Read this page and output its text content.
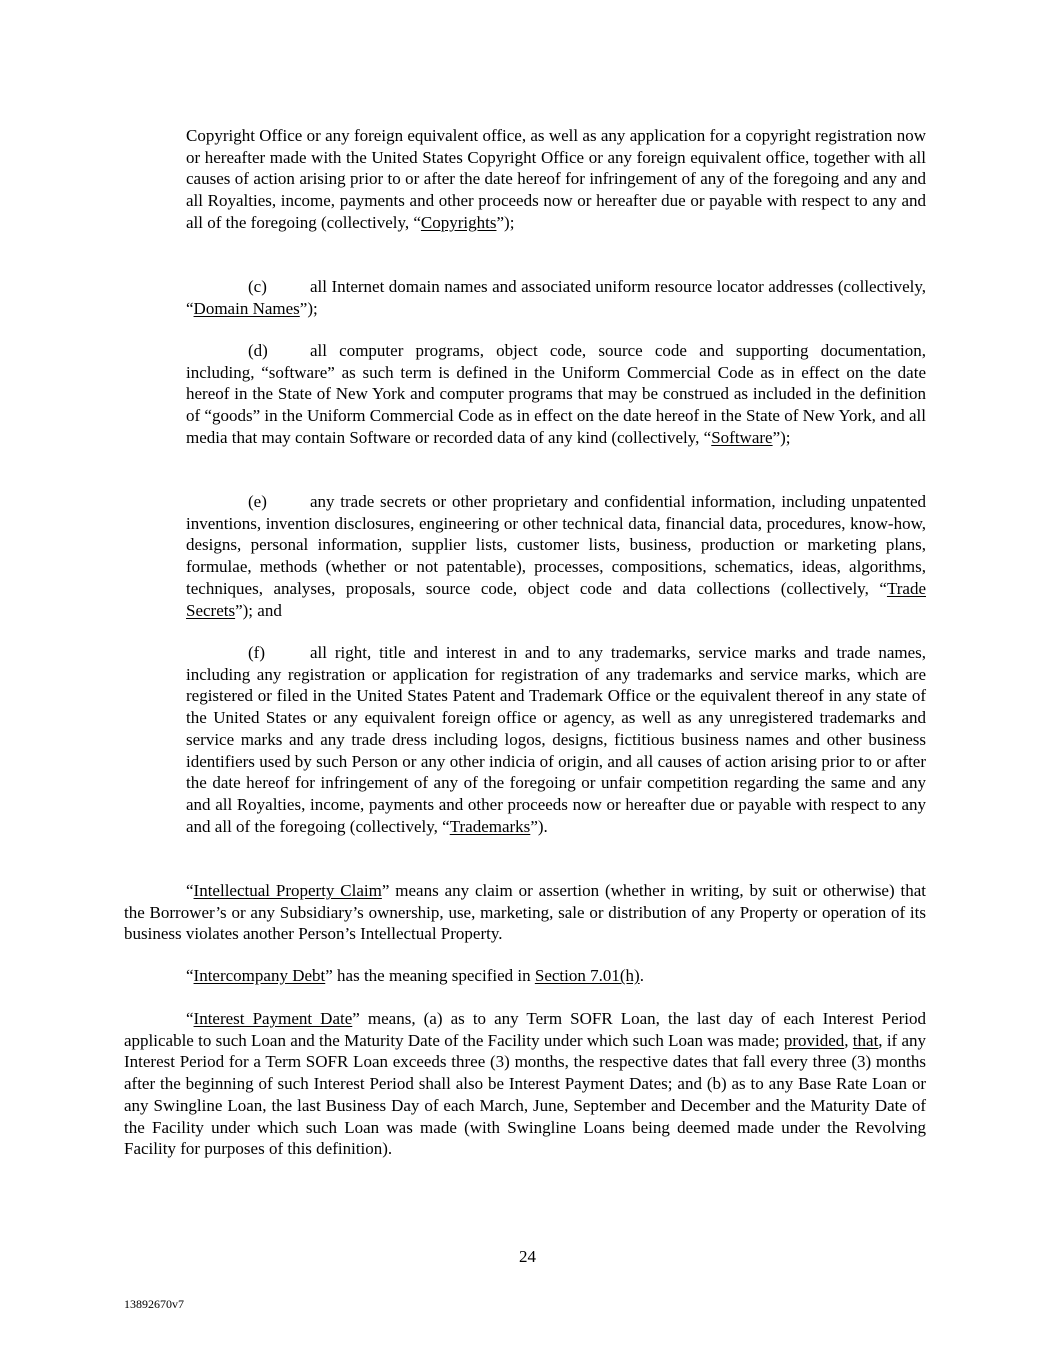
Copyright Office or any foreign equivalent office, as well as any application for a copyright registration now or hereafter made with the United States Copyright Office or any foreign equivalent office, together with all causes of action arising prior to or after the date hereof for infringement of any of the foregoing and any and all Royalties, income, payments and other proceeds now or hereafter due or payable with respect to any and all of the foregoing (collectively, “Copyrights”);

(c)	all Internet domain names and associated uniform resource locator addresses (collectively, “Domain Names”);

(d) all computer programs, object code, source code and supporting documentation, including, “software” as such term is defined in the Uniform Commercial Code as in effect on the date hereof in the State of New York and computer programs that may be construed as included in the definition of “goods” in the Uniform Commercial Code as in effect on the date hereof in the State of New York, and all media that may contain Software or recorded data of any kind (collectively, “Software”);

(e)	any trade secrets or other proprietary and confidential information, including unpatented inventions, invention disclosures, engineering or other technical data, financial data, procedures, know-how, designs, personal information, supplier lists, customer lists, business, production or marketing plans, formulae, methods (whether or not patentable), processes, compositions, schematics, ideas, algorithms, techniques, analyses, proposals, source code, object code and data collections (collectively, “Trade Secrets”); and

(f)	all right, title and interest in and to any trademarks, service marks and trade names, including any registration or application for registration of any trademarks and service marks, which are registered or filed in the United States Patent and Trademark Office or the equivalent thereof in any state of the United States or any equivalent foreign office or agency, as well as any unregistered trademarks and service marks and any trade dress including logos, designs, fictitious business names and other business identifiers used by such Person or any other indicia of origin, and all causes of action arising prior to or after the date hereof for infringement of any of the foregoing or unfair competition regarding the same and any and all Royalties, income, payments and other proceeds now or hereafter due or payable with respect to any and all of the foregoing (collectively, “Trademarks”).

“Intellectual Property Claim” means any claim or assertion (whether in writing, by suit or otherwise) that the Borrower’s or any Subsidiary’s ownership, use, marketing, sale or distribution of any Property or operation of its business violates another Person’s Intellectual Property.

“Intercompany Debt” has the meaning specified in Section 7.01(h).

“Interest Payment Date” means, (a) as to any Term SOFR Loan, the last day of each Interest Period applicable to such Loan and the Maturity Date of the Facility under which such Loan was made; provided, that, if any Interest Period for a Term SOFR Loan exceeds three (3) months, the respective dates that fall every three (3) months after the beginning of such Interest Period shall also be Interest Payment Dates; and (b) as to any Base Rate Loan or any Swingline Loan, the last Business Day of each March, June, September and December and the Maturity Date of the Facility under which such Loan was made (with Swingline Loans being deemed made under the Revolving Facility for purposes of this definition).

24
13892670v7
